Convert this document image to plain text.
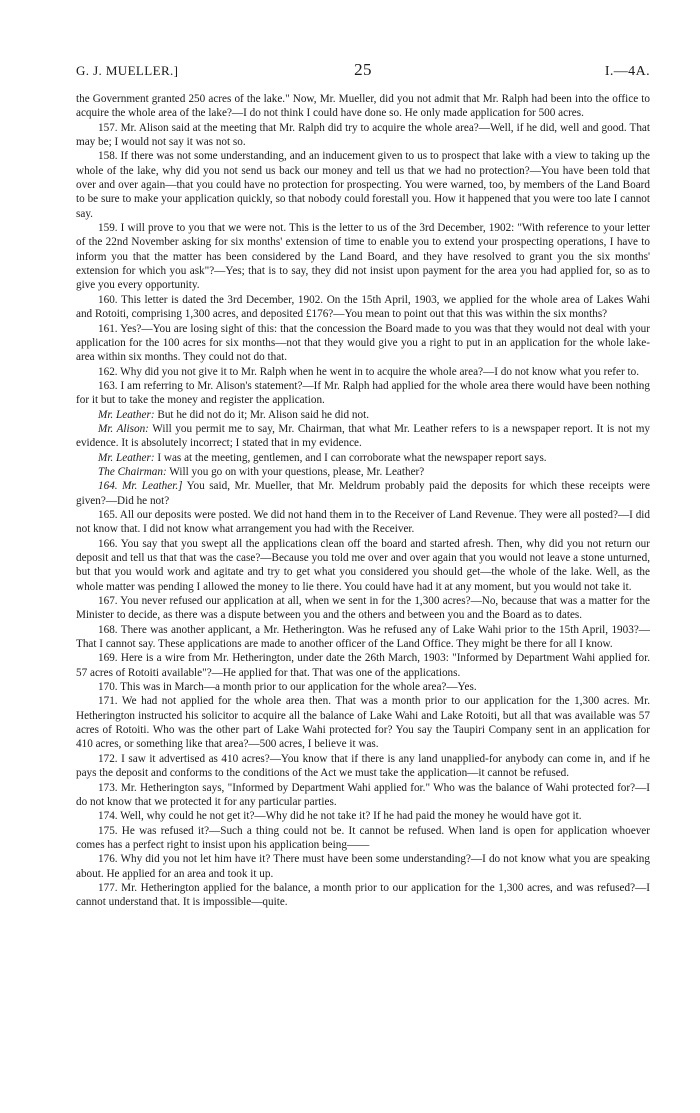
G. J. MUELLER.]	25	I.—4A.

the Government granted 250 acres of the lake." Now, Mr. Mueller, did you not admit that Mr. Ralph had been into the office to acquire the whole area of the lake?—I do not think I could have done so. He only made application for 500 acres.

157. Mr. Alison said at the meeting that Mr. Ralph did try to acquire the whole area?—Well, if he did, well and good. That may be; I would not say it was not so.

158. If there was not some understanding, and an inducement given to us to prospect that lake with a view to taking up the whole of the lake, why did you not send us back our money and tell us that we had no protection?—You have been told that over and over again—that you could have no protection for prospecting. You were warned, too, by members of the Land Board to be sure to make your application quickly, so that nobody could forestall you. How it happened that you were too late I cannot say.

159. I will prove to you that we were not. This is the letter to us of the 3rd December, 1902: "With reference to your letter of the 22nd November asking for six months' extension of time to enable you to extend your prospecting operations, I have to inform you that the matter has been considered by the Land Board, and they have resolved to grant you the six months' extension for which you ask"?—Yes; that is to say, they did not insist upon payment for the area you had applied for, so as to give you every opportunity.

160. This letter is dated the 3rd December, 1902. On the 15th April, 1903, we applied for the whole area of Lakes Wahi and Rotoiti, comprising 1,300 acres, and deposited £176?—You mean to point out that this was within the six months?

161. Yes?—You are losing sight of this: that the concession the Board made to you was that they would not deal with your application for the 100 acres for six months—not that they would give you a right to put in an application for the whole lake-area within six months. They could not do that.

162. Why did you not give it to Mr. Ralph when he went in to acquire the whole area?—I do not know what you refer to.

163. I am referring to Mr. Alison's statement?—If Mr. Ralph had applied for the whole area there would have been nothing for it but to take the money and register the application.

Mr. Leather: But he did not do it; Mr. Alison said he did not.

Mr. Alison: Will you permit me to say, Mr. Chairman, that what Mr. Leather refers to is a newspaper report. It is not my evidence. It is absolutely incorrect; I stated that in my evidence.

Mr. Leather: I was at the meeting, gentlemen, and I can corroborate what the newspaper report says.

The Chairman: Will you go on with your questions, please, Mr. Leather?

164. Mr. Leather.] You said, Mr. Mueller, that Mr. Meldrum probably paid the deposits for which these receipts were given?—Did he not?

165. All our deposits were posted. We did not hand them in to the Receiver of Land Revenue. They were all posted?—I did not know that. I did not know what arrangement you had with the Receiver.

166. You say that you swept all the applications clean off the board and started afresh. Then, why did you not return our deposit and tell us that that was the case?—Because you told me over and over again that you would not leave a stone unturned, but that you would work and agitate and try to get what you considered you should get—the whole of the lake. Well, as the whole matter was pending I allowed the money to lie there. You could have had it at any moment, but you would not take it.

167. You never refused our application at all, when we sent in for the 1,300 acres?—No, because that was a matter for the Minister to decide, as there was a dispute between you and the others and between you and the Board as to dates.

168. There was another applicant, a Mr. Hetherington. Was he refused any of Lake Wahi prior to the 15th April, 1903?—That I cannot say. These applications are made to another officer of the Land Office. They might be there for all I know.

169. Here is a wire from Mr. Hetherington, under date the 26th March, 1903: "Informed by Department Wahi applied for. 57 acres of Rotoiti available"?—He applied for that. That was one of the applications.

170. This was in March—a month prior to our application for the whole area?—Yes.

171. We had not applied for the whole area then. That was a month prior to our application for the 1,300 acres. Mr. Hetherington instructed his solicitor to acquire all the balance of Lake Wahi and Lake Rotoiti, but all that was available was 57 acres of Rotoiti. Who was the other part of Lake Wahi protected for? You say the Taupiri Company sent in an application for 410 acres, or something like that area?—500 acres, I believe it was.

172. I saw it advertised as 410 acres?—You know that if there is any land unapplied-for anybody can come in, and if he pays the deposit and conforms to the conditions of the Act we must take the application—it cannot be refused.

173. Mr. Hetherington says, "Informed by Department Wahi applied for." Who was the balance of Wahi protected for?—I do not know that we protected it for any particular parties.

174. Well, why could he not get it?—Why did he not take it? If he had paid the money he would have got it.

175. He was refused it?—Such a thing could not be. It cannot be refused. When land is open for application whoever comes has a perfect right to insist upon his application being——

176. Why did you not let him have it? There must have been some understanding?—I do not know what you are speaking about. He applied for an area and took it up.

177. Mr. Hetherington applied for the balance, a month prior to our application for the 1,300 acres, and was refused?—I cannot understand that. It is impossible—quite.
